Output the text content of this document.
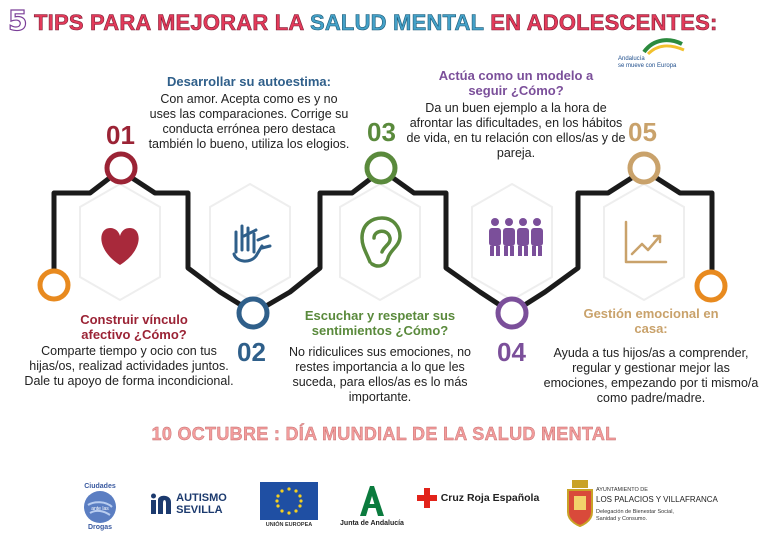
5 TIPS PARA MEJORAR LA SALUD MENTAL EN ADOLESCENTES:
Andalucía
se mueve con Europa
01
02
03
04
05
Construir vínculo afectivo ¿Cómo?
Comparte tiempo y ocio con tus hijas/os, realizad actividades juntos. Dale tu apoyo de forma incondicional.
Desarrollar su autoestima:
Con amor. Acepta como es y no uses las comparaciones. Corrige su conducta errónea pero destaca también lo bueno, utiliza los elogios.
Escuchar y respetar sus sentimientos ¿Cómo?
No ridiculices sus emociones, no restes importancia a lo que les suceda, para ellos/as es lo más importante.
Actúa como un modelo a seguir ¿Cómo?
Da un buen ejemplo a la hora de afrontar las dificultades, en los hábitos de vida, en tu relación con ellos/as y de pareja.
Gestión emocional en casa:
Ayuda a tus hijos/as a comprender, regular y gestionar mejor las emociones, empezando por ti mismo/a como padre/madre.
10 OCTUBRE : DÍA MUNDIAL DE LA SALUD MENTAL
Ciudades
ante las
Drogas
AUTISMO
SEVILLA
UNIÓN EUROPEA	Junta de Andalucía
Cruz Roja Española
AYUNTAMIENTO DE
LOS PALACIOS Y VILLAFRANCA
Delegación de Bienestar Social,
Sanidad y Consumo.
